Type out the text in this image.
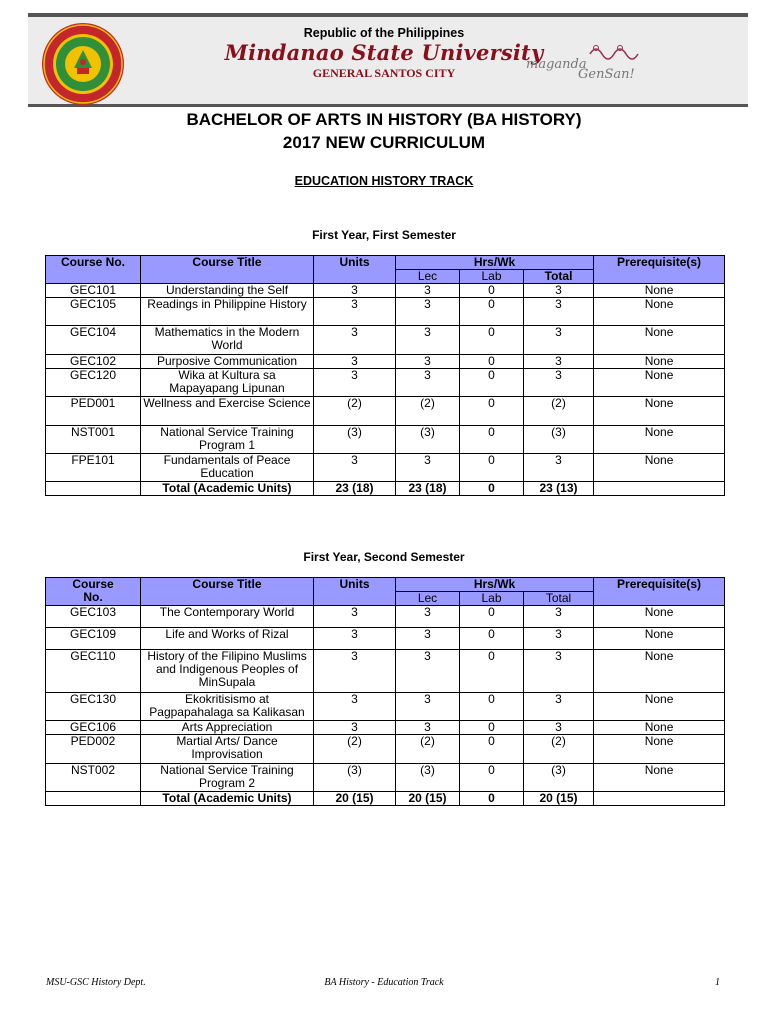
Republic of the Philippines
Mindanao State University
GENERAL SANTOS CITY
maganda
GenSan!
BACHELOR OF ARTS IN HISTORY (BA HISTORY)
2017 NEW CURRICULUM
EDUCATION HISTORY TRACK
First Year, First Semester
Course No.	Course Title	Units	Hrs/Wk			Prerequisite(s)
			Lec	Lab	Total	
GEC101	Understanding the Self	3	3	0	3	None
GEC105	Readings in Philippine History	3	3	0	3	None
GEC104	Mathematics in the Modern World	3	3	0	3	None
GEC102	Purposive Communication	3	3	0	3	None
GEC120	Wika at Kultura sa Mapayapang Lipunan	3	3	0	3	None
PED001	Wellness and Exercise Science	(2)	(2)	0	(2)	None
NST001	National Service Training Program 1	(3)	(3)	0	(3)	None
FPE101	Fundamentals of Peace Education	3	3	0	3	None
	Total (Academic Units)	23 (18)	23 (18)	0	23 (13)	
First Year, Second Semester
Course
No.	Course Title	Units	Hrs/Wk			Prerequisite(s)
			Lec	Lab	Total	
GEC103	The Contemporary World	3	3	0	3	None
GEC109	Life and Works of Rizal	3	3	0	3	None
GEC110	History of the Filipino Muslims and Indigenous Peoples of MinSupala	3	3	0	3	None
GEC130	Ekokritisismo at Pagpapahalaga sa Kalikasan	3	3	0	3	None
GEC106	Arts Appreciation	3	3	0	3	None
PED002	Martial Arts/ Dance Improvisation	(2)	(2)	0	(2)	None
NST002	National Service Training Program 2	(3)	(3)	0	(3)	None
	Total (Academic Units)	20 (15)	20 (15)	0	20 (15)	
MSU-GSC History Dept.	BA History - Education Track	1
